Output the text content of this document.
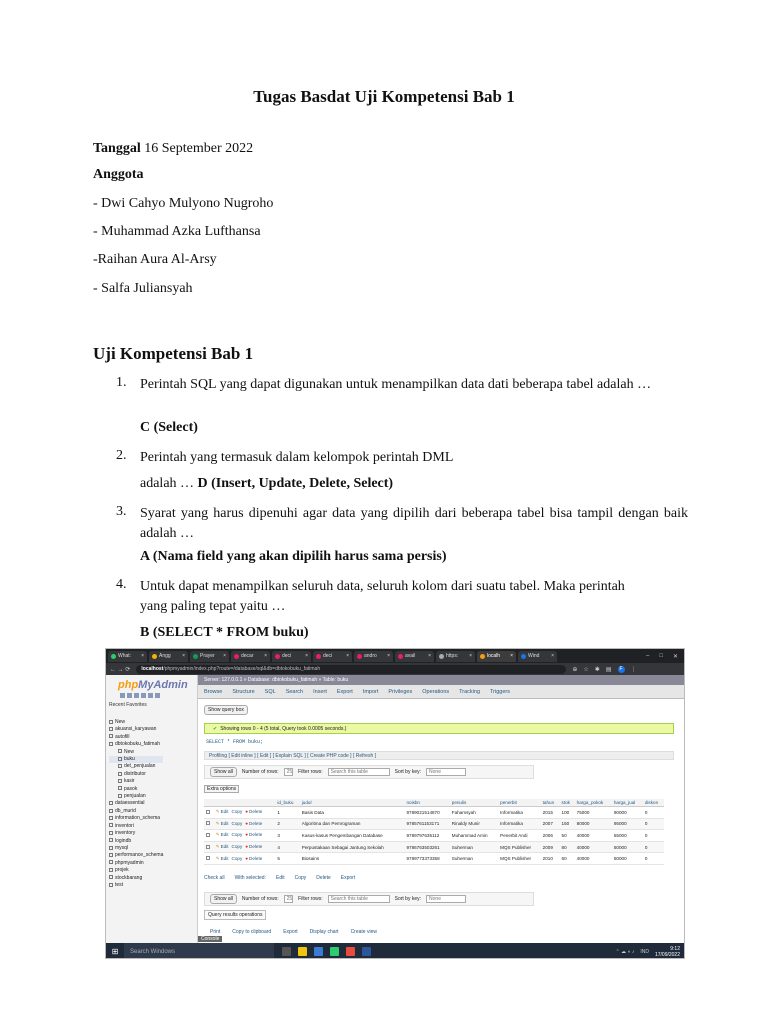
Tugas Basdat Uji Kompetensi Bab 1
Tanggal 16 September 2022
Anggota
- Dwi Cahyo Mulyono Nugroho
- Muhammad Azka Lufthansa
-Raihan Aura Al-Arsy
- Salfa Juliansyah
Uji Kompetensi Bab 1
1. Perintah SQL yang dapat digunakan untuk menampilkan data dati beberapa tabel adalah …
C (Select)
2. Perintah yang termasuk dalam kelompok perintah DML
adalah … D (Insert, Update, Delete, Select)
3. Syarat yang harus dipenuhi agar data yang dipilih dari beberapa tabel bisa tampil dengan baik adalah …
A (Nama field yang akan dipilih harus sama persis)
4. Untuk dapat menampilkan seluruh data, seluruh kolom dari suatu tabel. Maka perintah yang paling tepat yaitu …
B (SELECT * FROM buku)
What: ×	Angg ×	Prayer ×	decar ×	deci	×	deci	×	andro ×	avail	×	https: ×	localh ×	Wind ×	– □ ✕
← → ⟳ localhost /phpmyadmin/index.php?route=/database/sql&db=dbtokobuku_fatimah	⊕ ☆ ✱ ▤	F	⋮
phpMyAdmin
Recent Favorites
New
akuansi_karyawan
autofill
dbtokobuku_fatimah
New
buku
det_penjualan
distributor
kasir
pasok
penjualan
dataessential
db_murid
information_schema
inventori
inventory
logindb
mysql
performance_schema
phpmyadmin
projek
stockbarang
test
Server: 127.0.0.1 » Database: dbtokobuku_fatimah » Table: buku
Browse Structure SQL Search Insert Export Import Privileges Operations Tracking Triggers
Show query box
✔ Showing rows 0 - 4 (5 total, Query took 0.0005 seconds.)
SELECT * FROM buku;
Profiling [ Edit inline ] [ Edit ] [ Explain SQL ] [ Create PHP code ] [ Refresh ]
Show all	Number of rows:	25 Filter rows:	Search this table	Sort by key:	None
Extra options
		id_buku	judul	noisbn	penulis	penerbit	tahun	stok	harga_pokok	harga_jual	diskon
	✎ Edit Copy ● Delete	1	Basis Data	9789021514870	Fahamsyah	Informatika	2015	100	75000	90000	0
	✎ Edit Copy ● Delete	2	Algoritma dan Pemrograman	9785761153171	Rinaldy Munir	Informatika	2007	150	80000	95000	0
	✎ Edit Copy ● Delete	3	Kasus-kasus Pengembangan Database	9789797635112	Muhammad Amin	Penerbit Andi	2006	50	40000	55000	0
	✎ Edit Copy ● Delete	4	Perpustakaan Sebagai Jantung Sekolah	9786763503261	Suherman	MQS Publisher	2009	80	40000	50000	0
	✎ Edit Copy ● Delete	5	Biosains	9789773373358	Suherman	MQS Publisher	2010	60	40000	50000	0
Check all With selected: Edit Copy Delete Export
Show all	Number of rows:	25 Filter rows:	Search this table	Sort by key:	None
Query results operations
Print Copy to clipboard Export Display chart Create view
Console
⊞	Search Windows	⌃ ☁ ◖ ♪ IND	9:12
17/09/2022
